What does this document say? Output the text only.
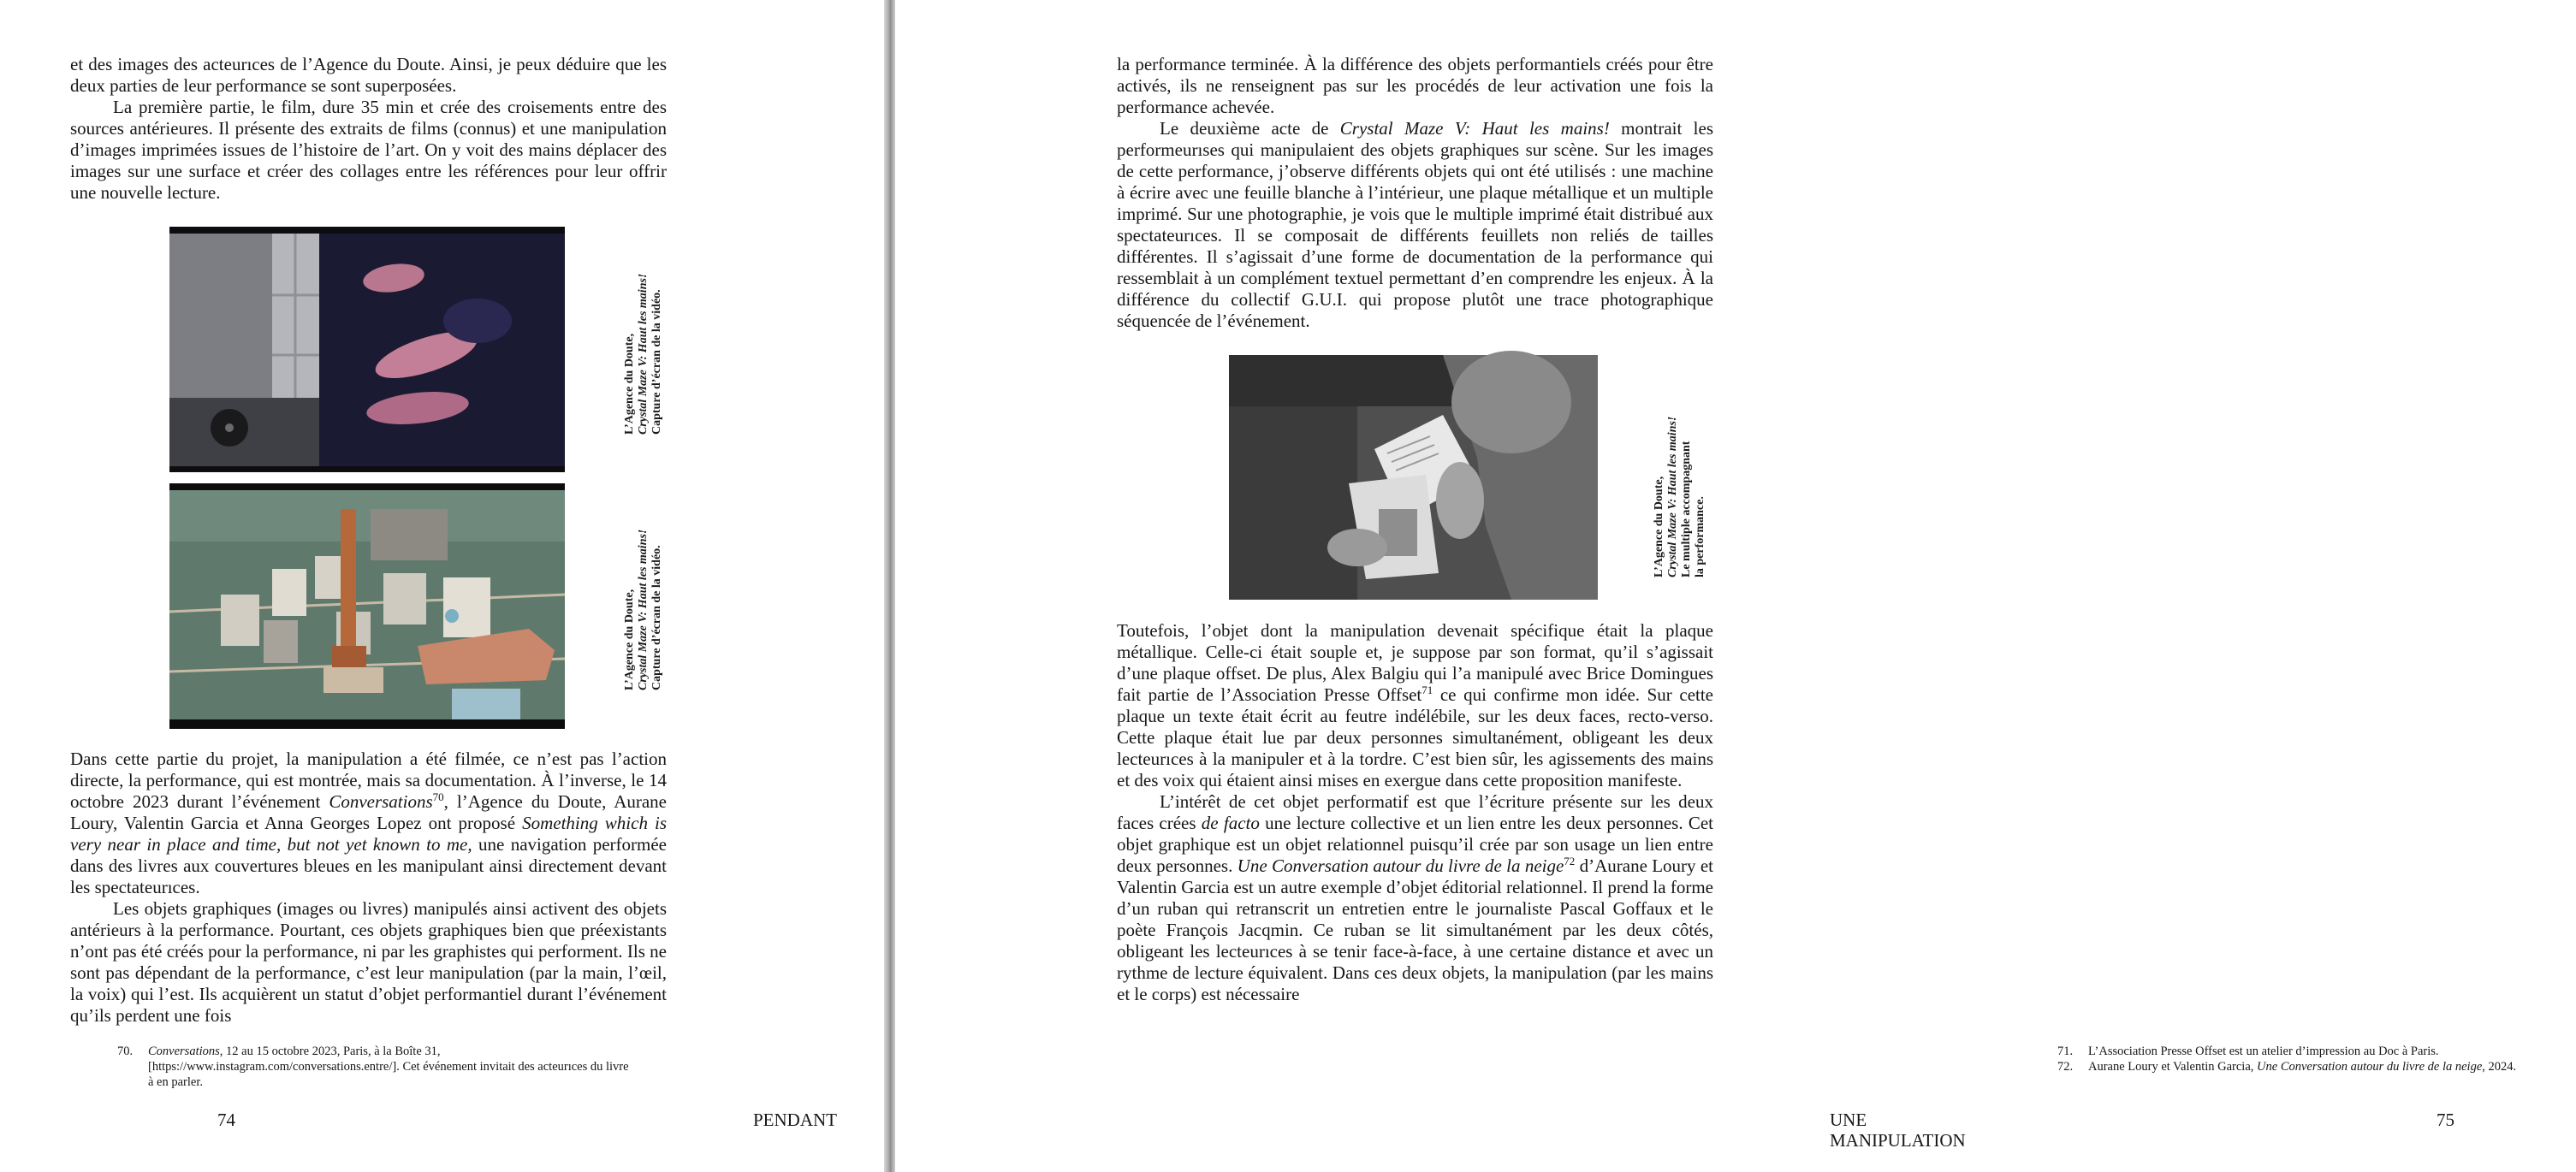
et des images des actеurıces de l’Agence du Doute. Ainsi, je peux déduire que les deux parties de leur performance se sont superposées.

La première partie, le film, dure 35 min et crée des croisements entre des sources antérieures. Il présente des extraits de films (connus) et une manipulation d’images imprimées issues de l’histoire de l’art. On y voit des mains déplacer des images sur une surface et créer des collages entre les références pour leur offrir une nouvelle lecture.

L’Agence du Doute, Crystal Maze V: Haut les mains! Capture d’écran de la vidéo.
L’Agence du Doute, Crystal Maze V: Haut les mains! Capture d’écran de la vidéo.

Dans cette partie du projet, la manipulation a été filmée, ce n’est pas l’action directe, la performance, qui est montrée, mais sa documentation. À l’inverse, le 14 octobre 2023 durant l’événement Conversations$^{70}$, l’Agence du Doute, Aurane Loury, Valentin Garcia et Anna Georges Lopez ont proposé Something which is very near in place and time, but not yet known to me, une navigation performée dans des livres aux couvertures bleues en les manipulant ainsi directement devant les spectateurıces.

Les objets graphiques (images ou livres) manipulés ainsi activent des objets antérieurs à la performance. Pourtant, ces objets graphiques bien que préexistants n’ont pas été créés pour la performance, ni par les graphistes qui performent. Ils ne sont pas dépendant de la performance, c’est leur manipulation (par la main, l’œil, la voix) qui l’est. Ils acquièrent un statut d’objet performantiel durant l’événement qu’ils perdent une fois

70.	Conversations, 12 au 15 octobre 2023, Paris, à la Boîte 31, [https://www.instagram.com/conversations.entre/]. Cet événement invitait des actеurıces du livre à en parler.
74	PENDANT

la performance terminée. À la différence des objets performantiels créés pour être activés, ils ne renseignent pas sur les procédés de leur activation une fois la performance achevée.

Le deuxième acte de Crystal Maze V: Haut les mains! montrait les performeurıses qui manipulaient des objets graphiques sur scène. Sur les images de cette performance, j’observe différents objets qui ont été utilisés : une machine à écrire avec une feuille blanche à l’intérieur, une plaque métallique et un multiple imprimé. Sur une photographie, je vois que le multiple imprimé était distribué aux spectateurıces. Il se composait de différents feuillets non reliés de tailles différentes. Il s’agissait d’une forme de documentation de la performance qui ressemblait à un complément textuel permettant d’en comprendre les enjeux. À la différence du collectif G.U.I. qui propose plutôt une trace photographique séquencée de l’événement.

Toutefois, l’objet dont la manipulation devenait spécifique était la plaque métallique. Celle-ci était souple et, je suppose par son format, qu’il s’agissait d’une plaque offset. De plus, Alex Balgiu qui l’a manipulé avec Brice Domingues fait partie de l’Association Presse Offset$^{71}$ ce qui confirme mon idée. Sur cette plaque un texte était écrit au feutre indélébile, sur les deux faces, recto-verso. Cette plaque était lue par deux personnes simultanément, obligeant les deux lecteurıces à la manipuler et à la tordre. C’est bien sûr, les agissements des mains et des voix qui étaient ainsi mises en exergue dans cette proposition manifeste.

L’intérêt de cet objet performatif est que l’écriture présente sur les deux faces crées de facto une lecture collective et un lien entre les deux personnes. Cet objet graphique est un objet relationnel puisqu’il crée par son usage un lien entre deux personnes. Une Conversation autour du livre de la neige$^{72}$ d’Aurane Loury et Valentin Garcia est un autre exemple d’objet éditorial relationnel. Il prend la forme d’un ruban qui retranscrit un entretien entre le journaliste Pascal Goffaux et le poète François Jacqmin. Ce ruban se lit simultanément par les deux côtés, obligeant les lecteurıces à se tenir face-à-face, à une certaine distance et avec un rythme de lecture équivalent. Dans ces deux objets, la manipulation (par les mains et le corps) est nécessaire

71.	L’Association Presse Offset est un atelier d’impression au Doc à Paris.
72.	Aurane Loury et Valentin Garcia, Une Conversation autour du livre de la neige, 2024.
75
UNE MANIPULATION
L’Agence du Doute, Crystal Maze V: Haut les mains! Le multiple accompagnant la performance.
